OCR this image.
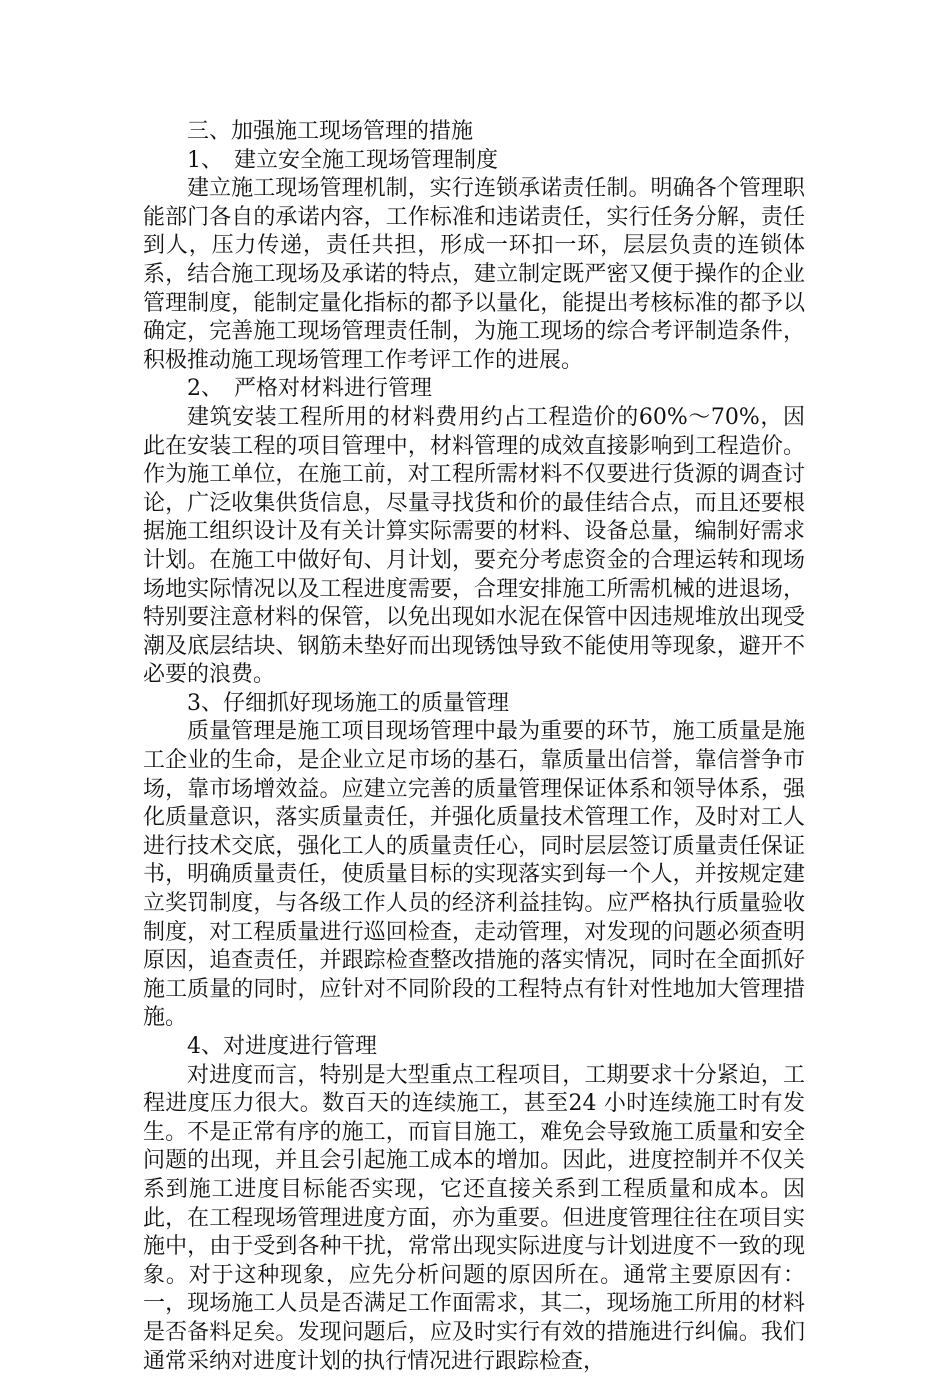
三、加强施工现场管理的措施

1、　建立安全施工现场管理制度

建立施工现场管理机制，实行连锁承诺责任制。明确各个管理职能部门各自的承诺内容，工作标准和违诺责任，实行任务分解，责任到人，压力传递，责任共担，形成一环扣一环，层层负责的连锁体系，结合施工现场及承诺的特点，建立制定既严密又便于操作的企业管理制度，能制定量化指标的都予以量化，能提出考核标准的都予以确定，完善施工现场管理责任制，为施工现场的综合考评制造条件，积极推动施工现场管理工作考评工作的进展。

2、　严格对材料进行管理

建筑安装工程所用的材料费用约占工程造价的60%～70%，因此在安装工程的项目管理中，材料管理的成效直接影响到工程造价。作为施工单位，在施工前，对工程所需材料不仅要进行货源的调查讨论，广泛收集供货信息，尽量寻找货和价的最佳结合点，而且还要根据施工组织设计及有关计算实际需要的材料、设备总量，编制好需求计划。在施工中做好旬、月计划，要充分考虑资金的合理运转和现场场地实际情况以及工程进度需要，合理安排施工所需机械的进退场，特别要注意材料的保管，以免出现如水泥在保管中因违规堆放出现受潮及底层结块、钢筋未垫好而出现锈蚀导致不能使用等现象，避开不必要的浪费。

3、仔细抓好现场施工的质量管理

质量管理是施工项目现场管理中最为重要的环节，施工质量是施工企业的生命，是企业立足市场的基石，靠质量出信誉，靠信誉争市场，靠市场增效益。应建立完善的质量管理保证体系和领导体系，强化质量意识，落实质量责任，并强化质量技术管理工作，及时对工人进行技术交底，强化工人的质量责任心，同时层层签订质量责任保证书，明确质量责任，使质量目标的实现落实到每一个人，并按规定建立奖罚制度，与各级工作人员的经济利益挂钩。应严格执行质量验收制度，对工程质量进行巡回检查，走动管理，对发现的问题必须查明原因，追查责任，并跟踪检查整改措施的落实情况，同时在全面抓好施工质量的同时，应针对不同阶段的工程特点有针对性地加大管理措施。

4、对进度进行管理

对进度而言，特别是大型重点工程项目，工期要求十分紧迫，工程进度压力很大。数百天的连续施工，甚至24 小时连续施工时有发生。不是正常有序的施工，而盲目施工，难免会导致施工质量和安全问题的出现，并且会引起施工成本的增加。因此，进度控制并不仅关系到施工进度目标能否实现，它还直接关系到工程质量和成本。因此，在工程现场管理进度方面，亦为重要。但进度管理往往在项目实施中，由于受到各种干扰，常常出现实际进度与计划进度不一致的现象。对于这种现象，应先分析问题的原因所在。通常主要原因有：一，现场施工人员是否满足工作面需求，其二，现场施工所用的材料是否备料足矣。发现问题后，应及时实行有效的措施进行纠偏。我们通常采纳对进度计划的执行情况进行跟踪检查，
